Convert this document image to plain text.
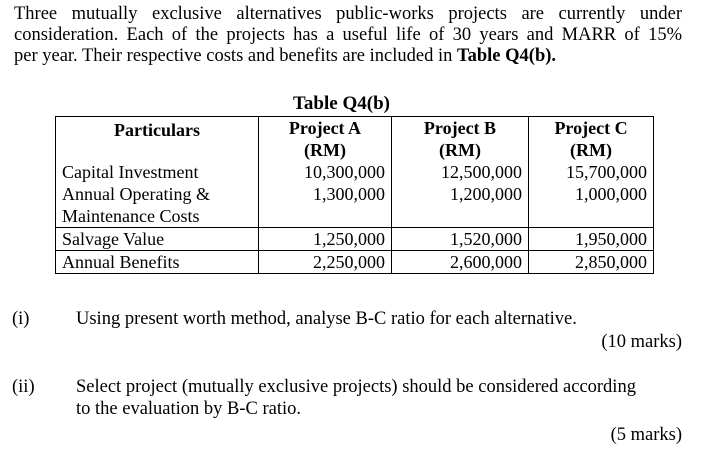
Three mutually exclusive alternatives public-works projects are currently under
consideration. Each of the projects has a useful life of 30 years and MARR of 15%
per year. Their respective costs and benefits are included in Table Q4(b).
Table Q4(b)
Particulars	Project A	Project B	Project C
	(RM)	(RM)	(RM)

Capital Investment	10,300,000	12,500,000	15,700,000
Annual Operating &
Maintenance Costs	1,300,000	1,200,000	1,000,000
Salvage Value	1,250,000	1,520,000	1,950,000
Annual Benefits	2,250,000	2,600,000	2,850,000
(i)	Using present worth method, analyse B-C ratio for each alternative.
(10 marks)
(ii) Select project (mutually exclusive projects) should be considered according
to the evaluation by B-C ratio.
(5 marks)
